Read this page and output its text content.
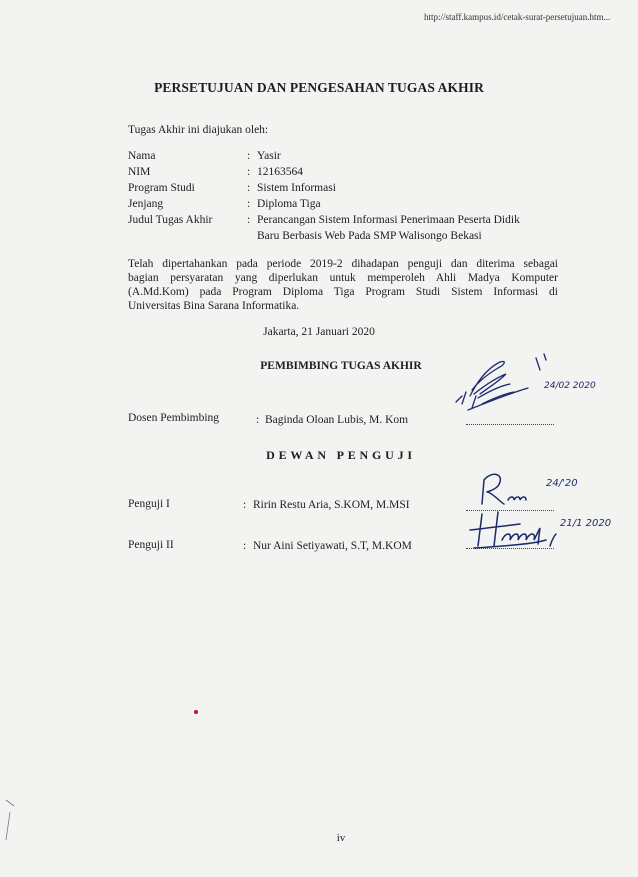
http://staff.kampus.id/cetak-surat-persetujuan.htm...
PERSETUJUAN DAN PENGESAHAN TUGAS AKHIR
Tugas Akhir ini diajukan oleh:
Nama	: Yasir
NIM	: 12163564
Program Studi	: Sistem Informasi
Jenjang	: Diploma Tiga
Judul Tugas Akhir	: Perancangan Sistem Informasi Penerimaan Peserta Didik
Baru Berbasis Web Pada SMP Walisongo Bekasi
Telah dipertahankan pada periode 2019-2 dihadapan penguji dan diterima sebagai
bagian persyaratan yang diperlukan untuk memperoleh Ahli Madya Komputer
(A.Md.Kom) pada Program Diploma Tiga Program Studi Sistem Informasi di
Universitas Bina Sarana Informatika.
Jakarta, 21 Januari 2020
PEMBIMBING TUGAS AKHIR
Dosen Pembimbing	: Baginda Oloan Lubis, M. Kom
24/02 2020
DEWAN PENGUJI
Penguji I	: Ririn Restu Aria, S.KOM, M.MSI
24/'20
Penguji II	: Nur Aini Setiyawati, S.T, M.KOM
21/1 2020
iv
